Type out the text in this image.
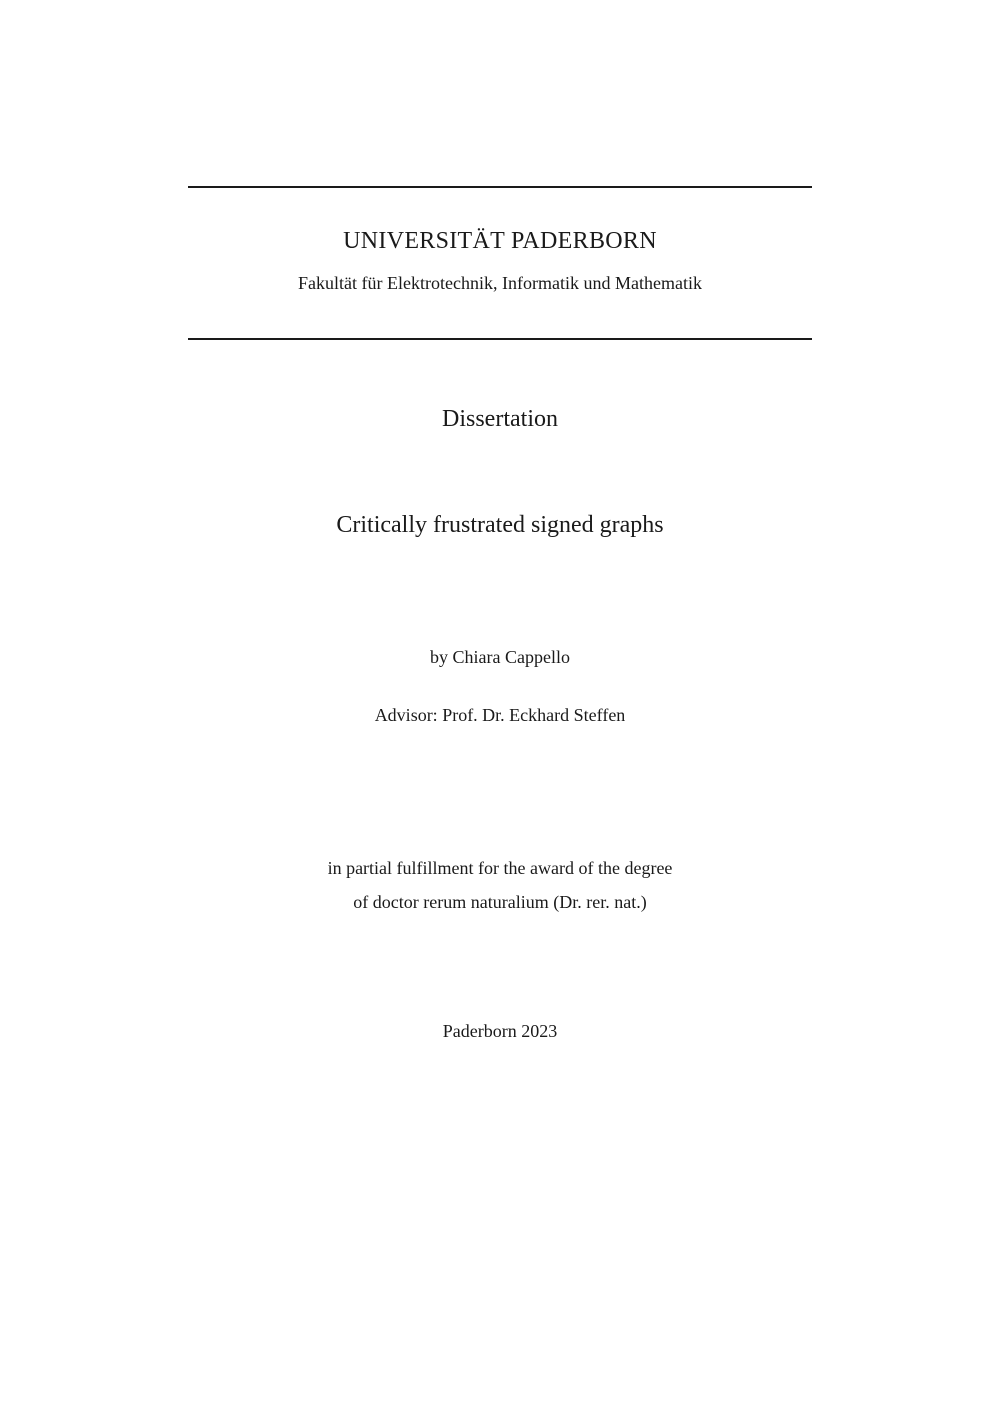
UNIVERSITÄT PADERBORN
Fakultät für Elektrotechnik, Informatik und Mathematik
Dissertation
Critically frustrated signed graphs
by Chiara Cappello
Advisor: Prof. Dr. Eckhard Steffen
in partial fulfillment for the award of the degree
of doctor rerum naturalium (Dr. rer. nat.)
Paderborn 2023
